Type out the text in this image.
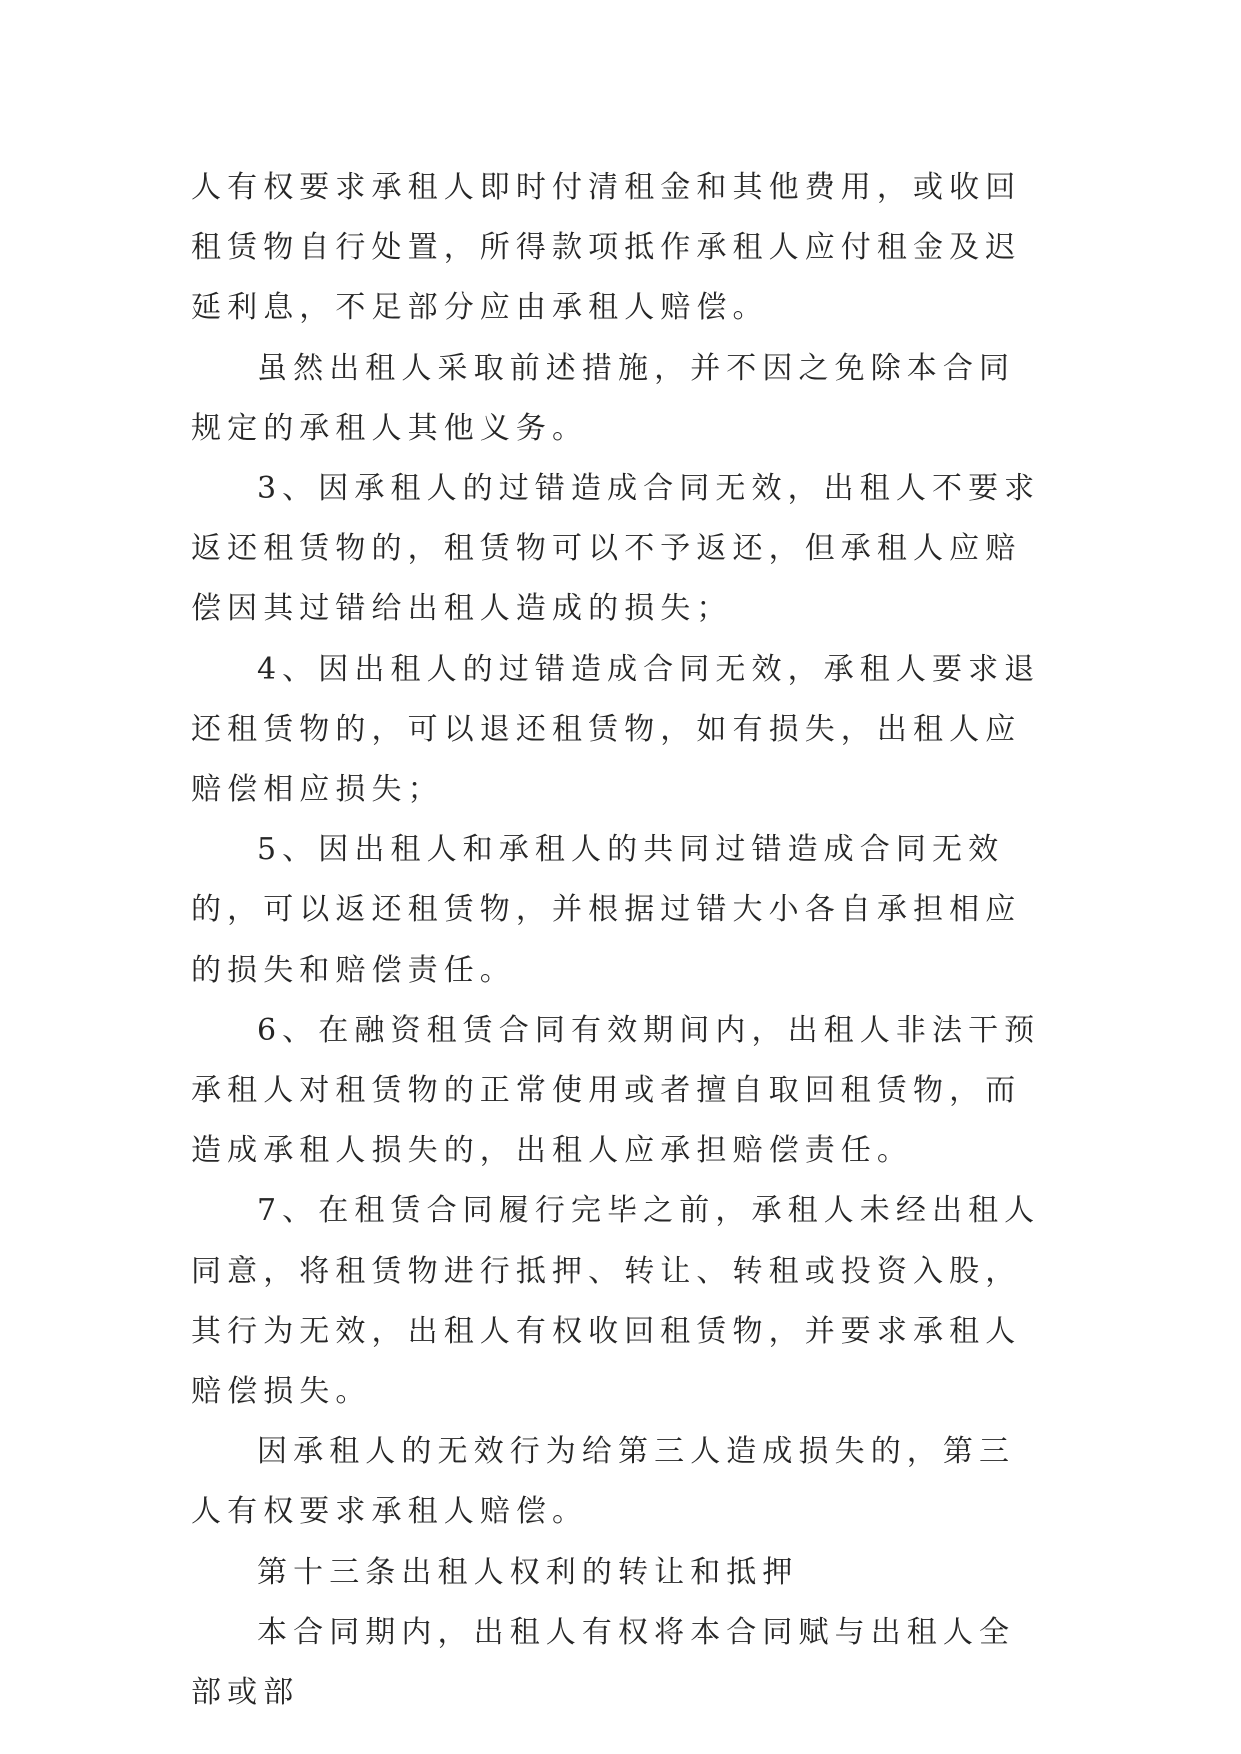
人有权要求承租人即时付清租金和其他费用，或收回租赁物自行处置，所得款项抵作承租人应付租金及迟延利息，不足部分应由承租人赔偿。

虽然出租人采取前述措施，并不因之免除本合同规定的承租人其他义务。

3、因承租人的过错造成合同无效，出租人不要求返还租赁物的，租赁物可以不予返还，但承租人应赔偿因其过错给出租人造成的损失；

4、因出租人的过错造成合同无效，承租人要求退还租赁物的，可以退还租赁物，如有损失，出租人应赔偿相应损失；

5、因出租人和承租人的共同过错造成合同无效的，可以返还租赁物，并根据过错大小各自承担相应的损失和赔偿责任。

6、在融资租赁合同有效期间内，出租人非法干预承租人对租赁物的正常使用或者擅自取回租赁物，而造成承租人损失的，出租人应承担赔偿责任。

7、在租赁合同履行完毕之前，承租人未经出租人同意，将租赁物进行抵押、转让、转租或投资入股，其行为无效，出租人有权收回租赁物，并要求承租人赔偿损失。

因承租人的无效行为给第三人造成损失的，第三人有权要求承租人赔偿。

第十三条出租人权利的转让和抵押

本合同期内，出租人有权将本合同赋与出租人全部或部
